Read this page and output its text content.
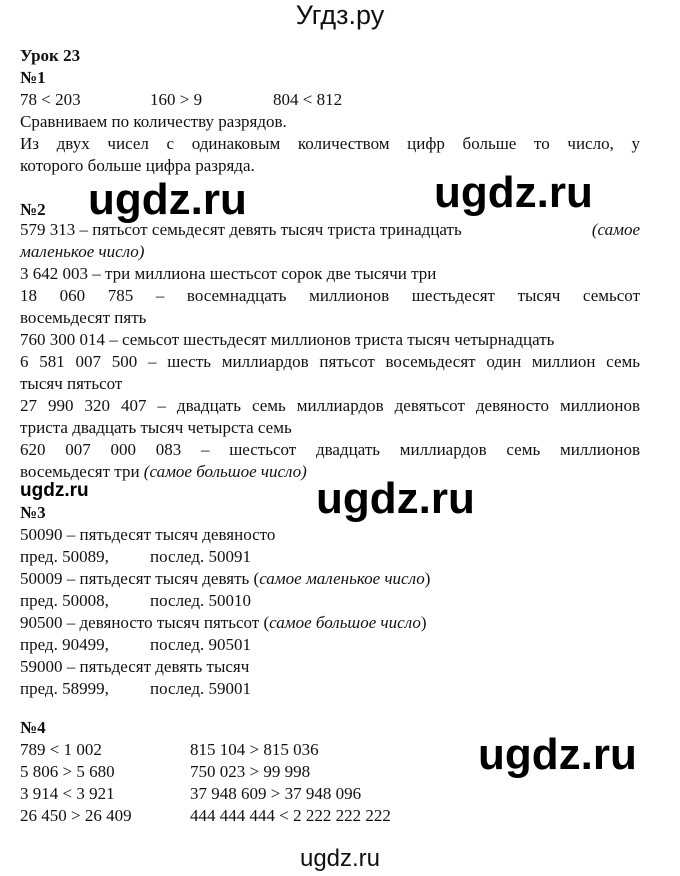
Угдз.ру
ugdz.ru	ugdz.ru
ugdz.ru
ugdz.ru
ugdz.ru
Урок 23
№1
78 < 203	160 > 9	804 < 812
Сравниваем по количеству разрядов.
Из двух чисел с одинаковым количеством цифр больше то число, у
которого больше цифра разряда.
№2
579 313 – пятьсот семьдесят девять тысяч триста тринадцать	(самое
маленькое число)
3 642 003 – три миллиона шестьсот сорок две тысячи три
18 060 785 – восемнадцать миллионов шестьдесят тысяч семьсот
восемьдесят пять
760 300 014 – семьсот шестьдесят миллионов триста тысяч четырнадцать
6 581 007 500 – шесть миллиардов пятьсот восемьдесят один миллион семь
тысяч пятьсот
27 990 320 407 – двадцать семь миллиардов девятьсот девяносто миллионов
триста двадцать тысяч четырста семь
620 007 000 083 – шестьсот двадцать миллиардов семь миллионов
восемьдесят три (самое большое число)
№3
50090 – пятьдесят тысяч девяносто
пред. 50089, послед. 50091
50009 – пятьдесят тысяч девять (самое маленькое число)
пред. 50008, послед. 50010
90500 – девяносто тысяч пятьсот (самое большое число)
пред. 90499, послед. 90501
59000 – пятьдесят девять тысяч
пред. 58999, послед. 59001
№4
789 < 1 002	815 104 > 815 036
5 806 > 5 680	750 023 > 99 998
3 914 < 3 921	37 948 609 > 37 948 096
26 450 > 26 409	444 444 444 < 2 222 222 222
ugdz.ru
